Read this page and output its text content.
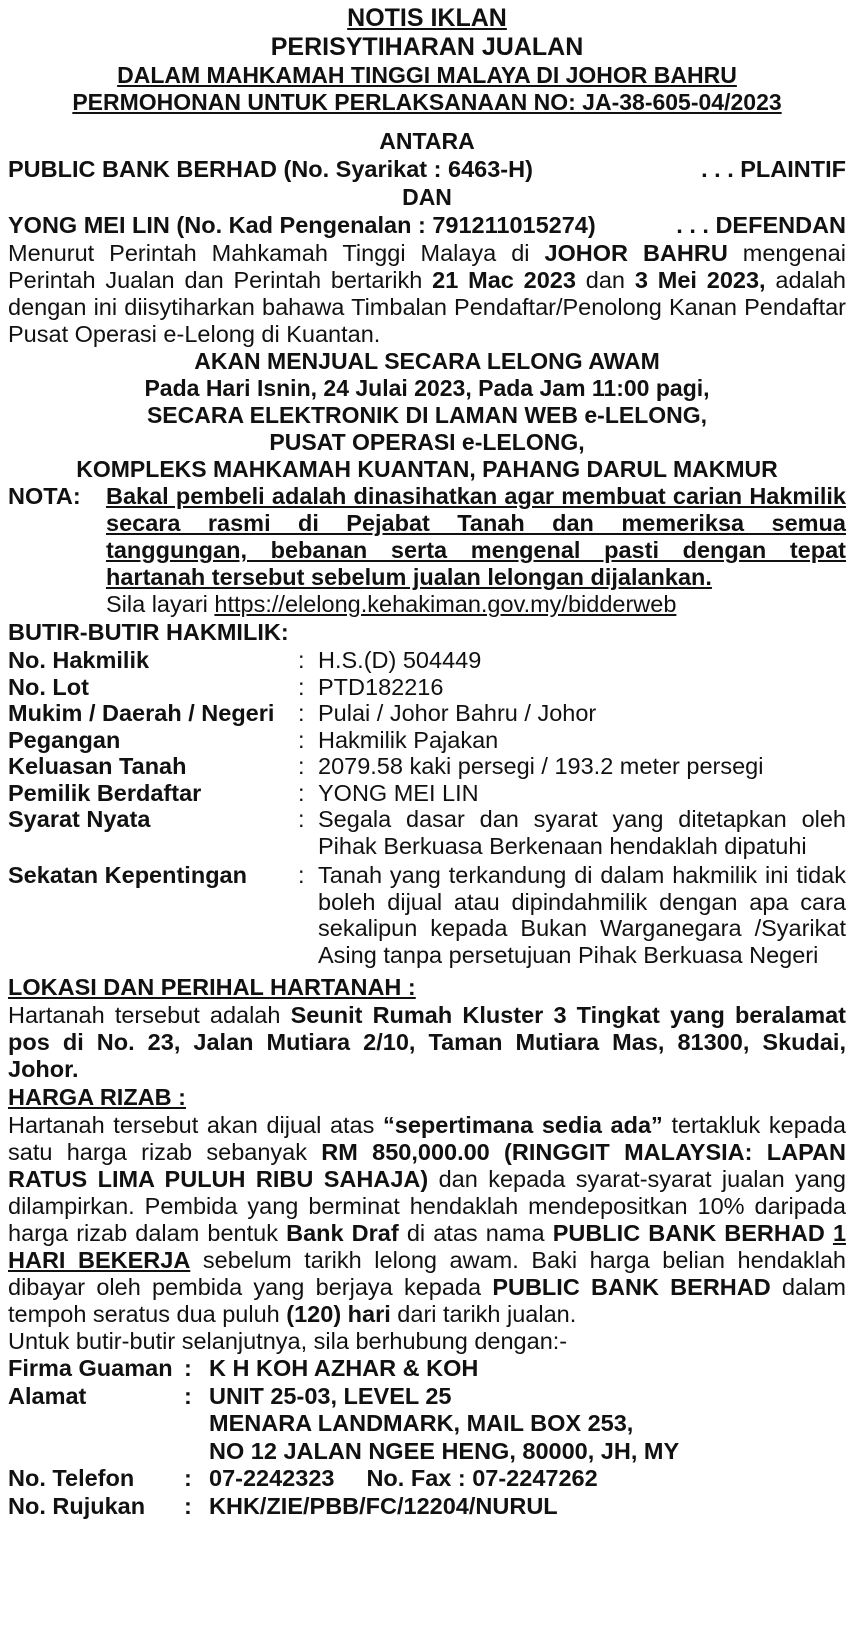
NOTIS IKLAN
PERISYTIHARAN JUALAN
DALAM MAHKAMAH TINGGI MALAYA DI JOHOR BAHRU
PERMOHONAN UNTUK PERLAKSANAAN NO: JA-38-605-04/2023
ANTARA
PUBLIC BANK BERHAD (No. Syarikat : 6463-H)	. . . PLAINTIF
DAN
YONG MEI LIN (No. Kad Pengenalan : 791211015274)	. . . DEFENDAN

Menurut Perintah Mahkamah Tinggi Malaya di JOHOR BAHRU mengenai Perintah Jualan dan Perintah bertarikh 21 Mac 2023 dan 3 Mei 2023, adalah dengan ini diisytiharkan bahawa Timbalan Pendaftar/Penolong Kanan Pendaftar Pusat Operasi e-Lelong di Kuantan.

AKAN MENJUAL SECARA LELONG AWAM
Pada Hari Isnin, 24 Julai 2023, Pada Jam 11:00 pagi,
SECARA ELEKTRONIK DI LAMAN WEB e-LELONG,
PUSAT OPERASI e-LELONG,
KOMPLEKS MAHKAMAH KUANTAN, PAHANG DARUL MAKMUR
NOTA:	Bakal pembeli adalah dinasihatkan agar membuat carian Hakmilik secara rasmi di Pejabat Tanah dan memeriksa semua tanggungan, bebanan serta mengenal pasti dengan tepat hartanah tersebut sebelum jualan lelongan dijalankan.
Sila layari https://elelong.kehakiman.gov.my/bidderweb
BUTIR-BUTIR HAKMILIK:
No. Hakmilik	:	H.S.(D) 504449
No. Lot	:	PTD182216
Mukim / Daerah / Negeri	:	Pulai / Johor Bahru / Johor
Pegangan	:	Hakmilik Pajakan
Keluasan Tanah	:	2079.58 kaki persegi / 193.2 meter persegi
Pemilik Berdaftar	:	YONG MEI LIN
Syarat Nyata	:	Segala dasar dan syarat yang ditetapkan oleh Pihak Berkuasa Berkenaan hendaklah dipatuhi
Sekatan Kepentingan	:	Tanah yang terkandung di dalam hakmilik ini tidak boleh dijual atau dipindahmilik dengan apa cara sekalipun kepada Bukan Warganegara /Syarikat Asing tanpa persetujuan Pihak Berkuasa Negeri
LOKASI DAN PERIHAL HARTANAH :

Hartanah tersebut adalah Seunit Rumah Kluster 3 Tingkat yang beralamat pos di No. 23, Jalan Mutiara 2/10, Taman Mutiara Mas, 81300, Skudai, Johor.

HARGA RIZAB :

Hartanah tersebut akan dijual atas “sepertimana sedia ada” tertakluk kepada satu harga rizab sebanyak RM 850,000.00 (RINGGIT MALAYSIA: LAPAN RATUS LIMA PULUH RIBU SAHAJA) dan kepada syarat-syarat jualan yang dilampirkan. Pembida yang berminat hendaklah mendepositkan 10% daripada harga rizab dalam bentuk Bank Draf di atas nama PUBLIC BANK BERHAD 1 HARI BEKERJA sebelum tarikh lelong awam. Baki harga belian hendaklah dibayar oleh pembida yang berjaya kepada PUBLIC BANK BERHAD dalam tempoh seratus dua puluh (120) hari dari tarikh jualan.

Untuk butir-butir selanjutnya, sila berhubung dengan:-

Firma Guaman	:	K H KOH AZHAR & KOH
Alamat	:	UNIT 25-03, LEVEL 25
MENARA LANDMARK, MAIL BOX 253,
NO 12 JALAN NGEE HENG, 80000, JH, MY

No. Telefon	:	07-2242323 No. Fax : 07-2247262
No. Rujukan	:	KHK/ZIE/PBB/FC/12204/NURUL
